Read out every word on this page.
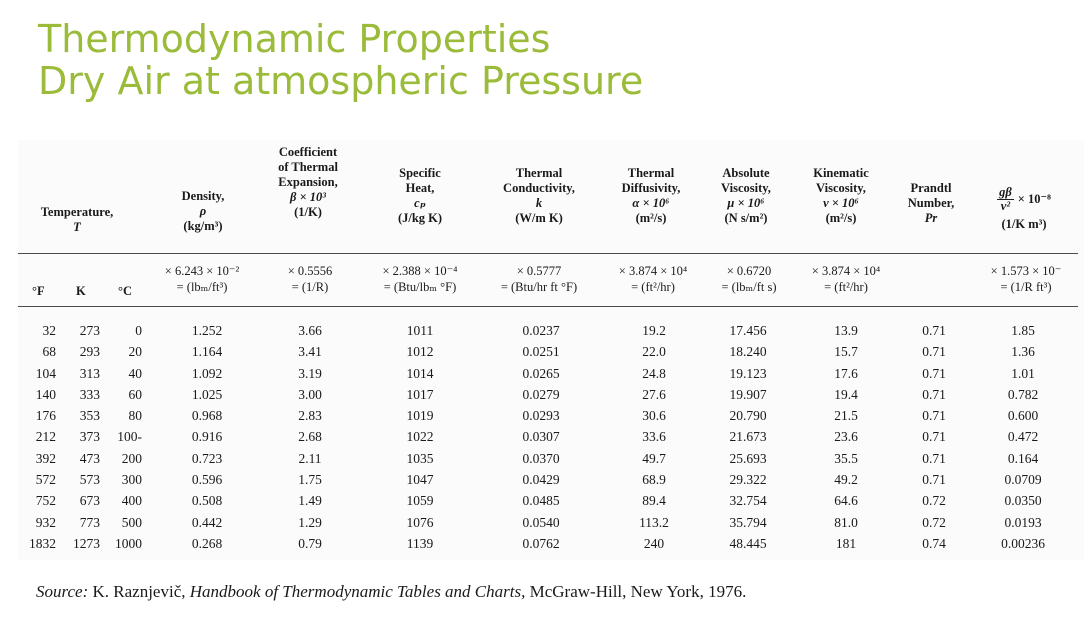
Thermodynamic Properties
Dry Air at atmospheric Pressure
Temperature,
T
Density,
ρ
(kg/m³)
Coefficient
of Thermal
Expansion,
β × 10³
(1/K)
Specific
Heat,
cₚ
(J/kg K)
Thermal
Conductivity,
k
(W/m K)
Thermal
Diffusivity,
α × 10⁶
(m²/s)
Absolute
Viscosity,
μ × 10⁶
(N s/m²)
Kinematic
Viscosity,
ν × 10⁶
(m²/s)
Prandtl
Number,
Pr
$\frac{g\beta}{\text{ν²}} \times 10^{-8}$
(1/K m³)
× 6.243 × 10⁻²
= (lbₘ/ft³)
× 0.5556
= (1/R)
× 2.388 × 10⁻⁴
= (Btu/lbₘ °F)
× 0.5777
= (Btu/hr ft °F)
× 3.874 × 10⁴
= (ft²/hr)
× 0.6720
= (lbₘ/ft s)
× 3.874 × 10⁴
= (ft²/hr)
× 1.573 × 10⁻
= (1/R ft³)
°F	K	°C
32
68
104
140
176
212
392
572
752
932
1832
273
293
313
333
353
373
473
573
673
773
1273
0
20
40
60
80
100-
200
300
400
500
1000
1.252
1.164
1.092
1.025
0.968
0.916
0.723
0.596
0.508
0.442
0.268
3.66
3.41
3.19
3.00
2.83
2.68
2.11
1.75
1.49
1.29
0.79
1011
1012
1014
1017
1019
1022
1035
1047
1059
1076
1139
0.0237
0.0251
0.0265
0.0279
0.0293
0.0307
0.0370
0.0429
0.0485
0.0540
0.0762
19.2
22.0
24.8
27.6
30.6
33.6
49.7
68.9
89.4
113.2
240
17.456
18.240
19.123
19.907
20.790
21.673
25.693
29.322
32.754
35.794
48.445
13.9
15.7
17.6
19.4
21.5
23.6
35.5
49.2
64.6
81.0
181
0.71
0.71
0.71
0.71
0.71
0.71
0.71
0.71
0.72
0.72
0.74
1.85
1.36
1.01
0.782
0.600
0.472
0.164
0.0709
0.0350
0.0193
0.00236
Source: K. Raznjevič, Handbook of Thermodynamic Tables and Charts, McGraw-Hill, New York, 1976.
